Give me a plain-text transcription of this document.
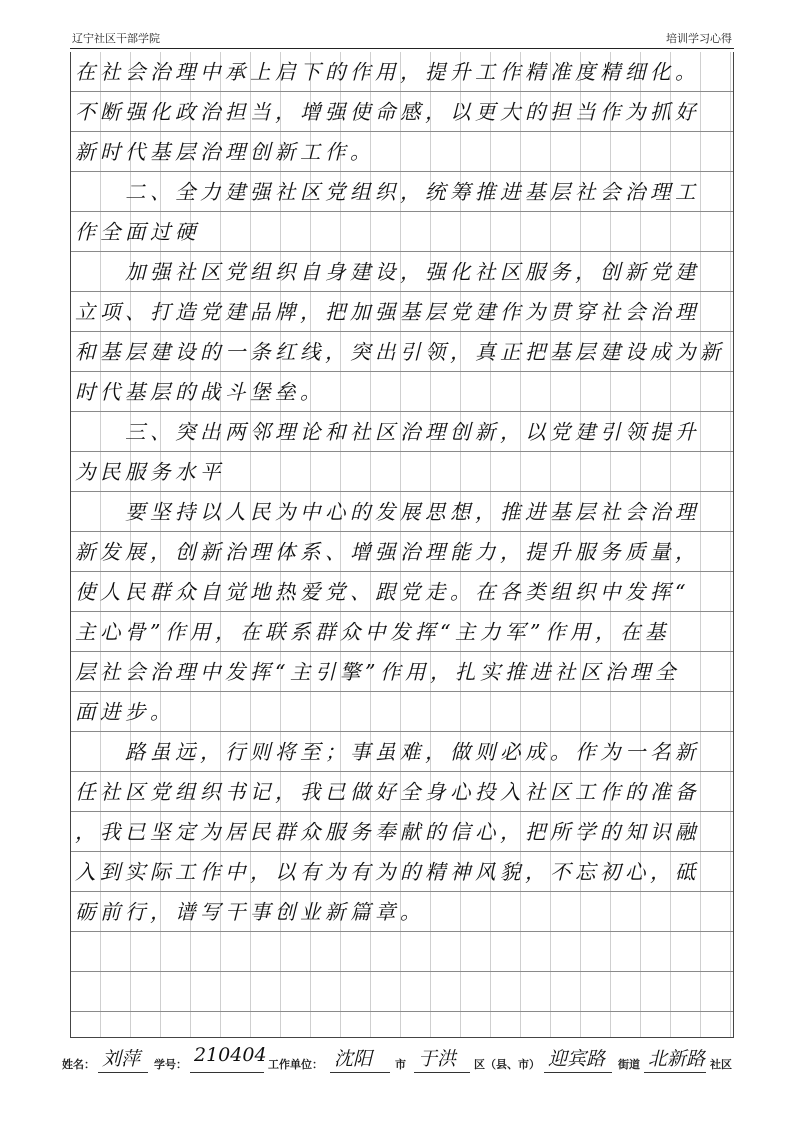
辽宁社区干部学院	培训学习心得
在社会治理中承上启下的作用，提升工作精准度精细化。
不断强化政治担当，增强使命感，以更大的担当作为抓好
新时代基层治理创新工作。
　　二、全力建强社区党组织，统筹推进基层社会治理工
作全面过硬
　　加强社区党组织自身建设，强化社区服务，创新党建
立项、打造党建品牌，把加强基层党建作为贯穿社会治理
和基层建设的一条红线，突出引领，真正把基层建设成为新
时代基层的战斗堡垒。
　　三、突出两邻理论和社区治理创新，以党建引领提升
为民服务水平
　　要坚持以人民为中心的发展思想，推进基层社会治理
新发展，创新治理体系、增强治理能力，提升服务质量，
使人民群众自觉地热爱党、跟党走。在各类组织中发挥“
主心骨”作用，在联系群众中发挥“主力军”作用，在基
层社会治理中发挥“主引擎”作用，扎实推进社区治理全
面进步。
　　路虽远，行则将至；事虽难，做则必成。作为一名新
任社区党组织书记，我已做好全身心投入社区工作的准备
，我已坚定为居民群众服务奉献的信心，把所学的知识融
入到实际工作中，以有为有为的精神风貌，不忘初心，砥
砺前行，谱写干事创业新篇章。
姓名： 刘萍 学号： 210404 工作单位： 沈阳 市 于洪 区（县、市） 迎宾路 街道 北新路 社区
